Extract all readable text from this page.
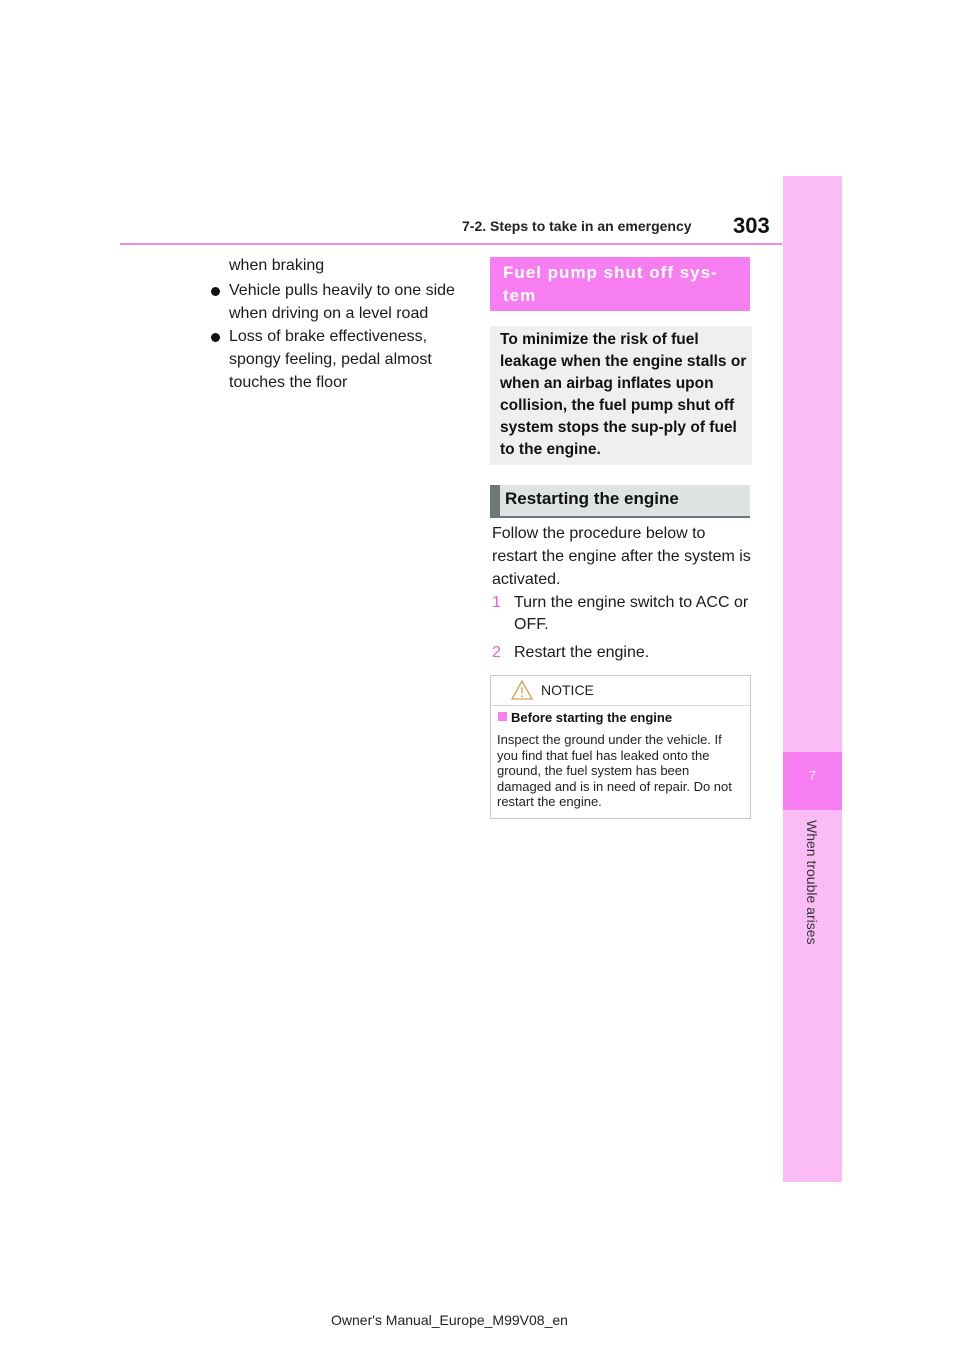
7-2. Steps to take in an emergency 303
7
When trouble arises
when braking
Vehicle pulls heavily to one side when driving on a level road
Loss of brake effectiveness, spongy feeling, pedal almost touches the floor
Fuel pump shut off sys-tem
To minimize the risk of fuel leakage when the engine stalls or when an airbag inflates upon collision, the fuel pump shut off system stops the sup-ply of fuel to the engine.
Restarting the engine
Follow the procedure below to restart the engine after the system is activated.
1 Turn the engine switch to ACC or OFF.
2 Restart the engine.
NOTICE
Before starting the engine
Inspect the ground under the vehicle. If you find that fuel has leaked onto the ground, the fuel system has been damaged and is in need of repair. Do not restart the engine.
Owner's Manual_Europe_M99V08_en
